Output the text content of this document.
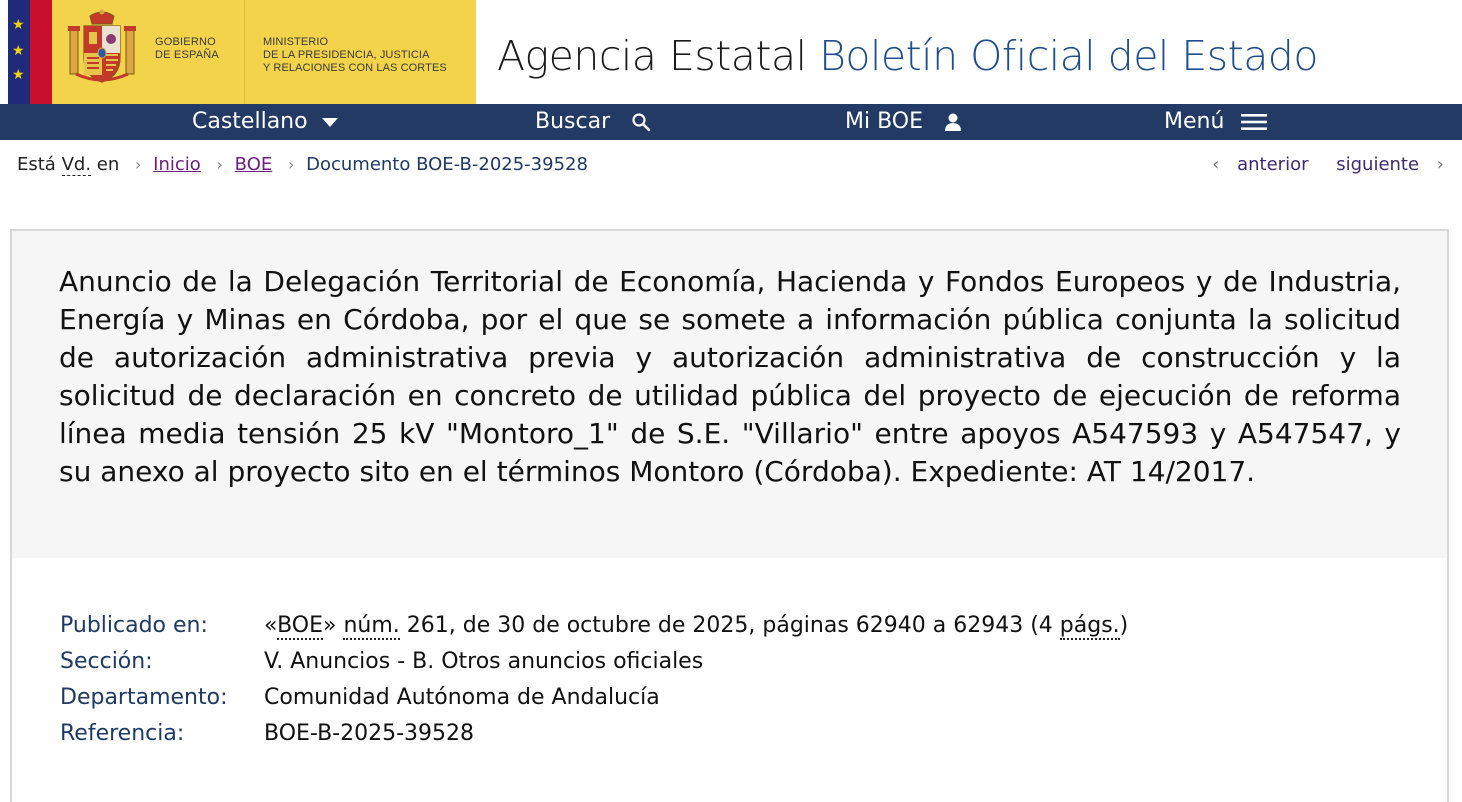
★
★
★
GOBIERNO
DE ESPAÑA
MINISTERIO
DE LA PRESIDENCIA, JUSTICIA
Y RELACIONES CON LAS CORTES Agencia Estatal Boletín Oficial del Estado
Castellano	Buscar	Mi BOE	Menú
Está Vd. en › Inicio › BOE › Documento BOE-B-2025-39528	‹ anterior siguiente ›
Anuncio de la Delegación Territorial de Economía, Hacienda y Fondos Europeos y de Industria, Energía y Minas en Córdoba, por el que se somete a información pública conjunta la solicitud de autorización administrativa previa y autorización administrativa de construcción y la solicitud de declaración en concreto de utilidad pública del proyecto de ejecución de reforma línea media tensión 25 kV "Montoro_1" de S.E. "Villario" entre apoyos A547593 y A547547, y su anexo al proyecto sito en el términos Montoro (Córdoba). Expediente: AT 14/2017.
Publicado en:	«BOE» núm. 261, de 30 de octubre de 2025, páginas 62940 a 62943 (4 págs.)
Sección:	V. Anuncios - B. Otros anuncios oficiales
Departamento: Comunidad Autónoma de Andalucía
Referencia:	BOE-B-2025-39528
